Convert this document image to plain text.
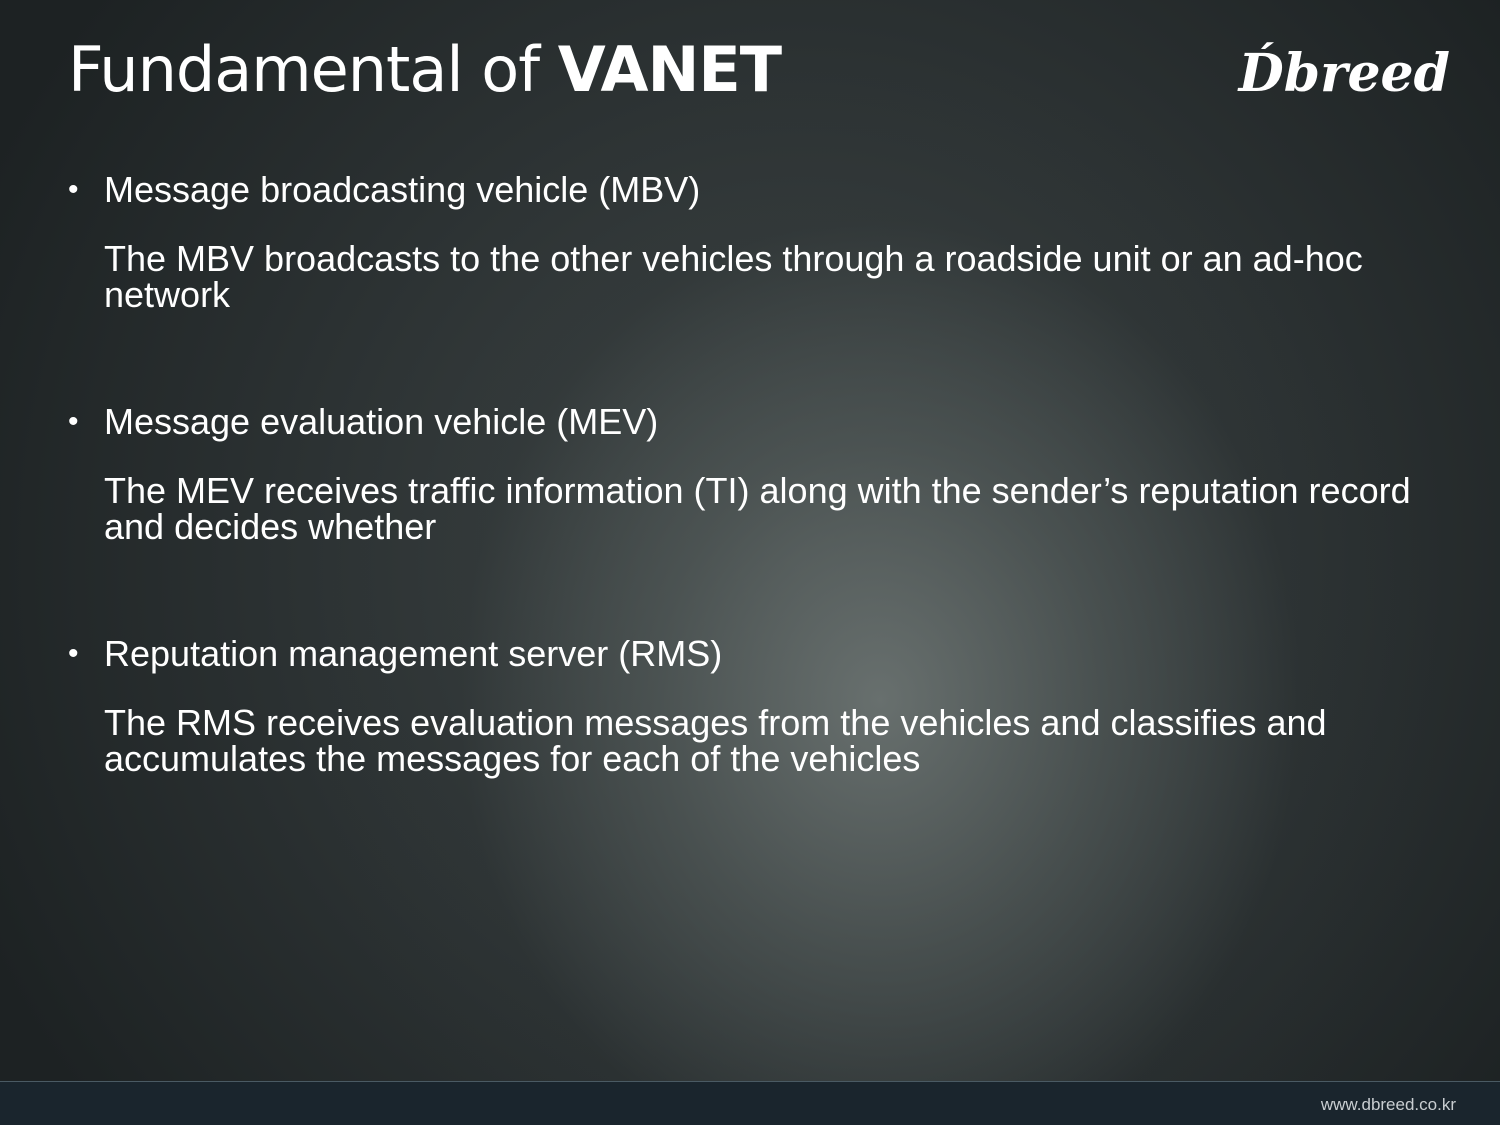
Fundamental of VANET	D́breed
• Message broadcasting vehicle (MBV)
The MBV broadcasts to the other vehicles through a roadside unit or an ad-hoc network
• Message evaluation vehicle (MEV)
The MEV receives traffic information (TI) along with the sender’s reputation record and decides whether
• Reputation management server (RMS)
The RMS receives evaluation messages from the vehicles and classifies and accumulates the messages for each of the vehicles
www.dbreed.co.kr
